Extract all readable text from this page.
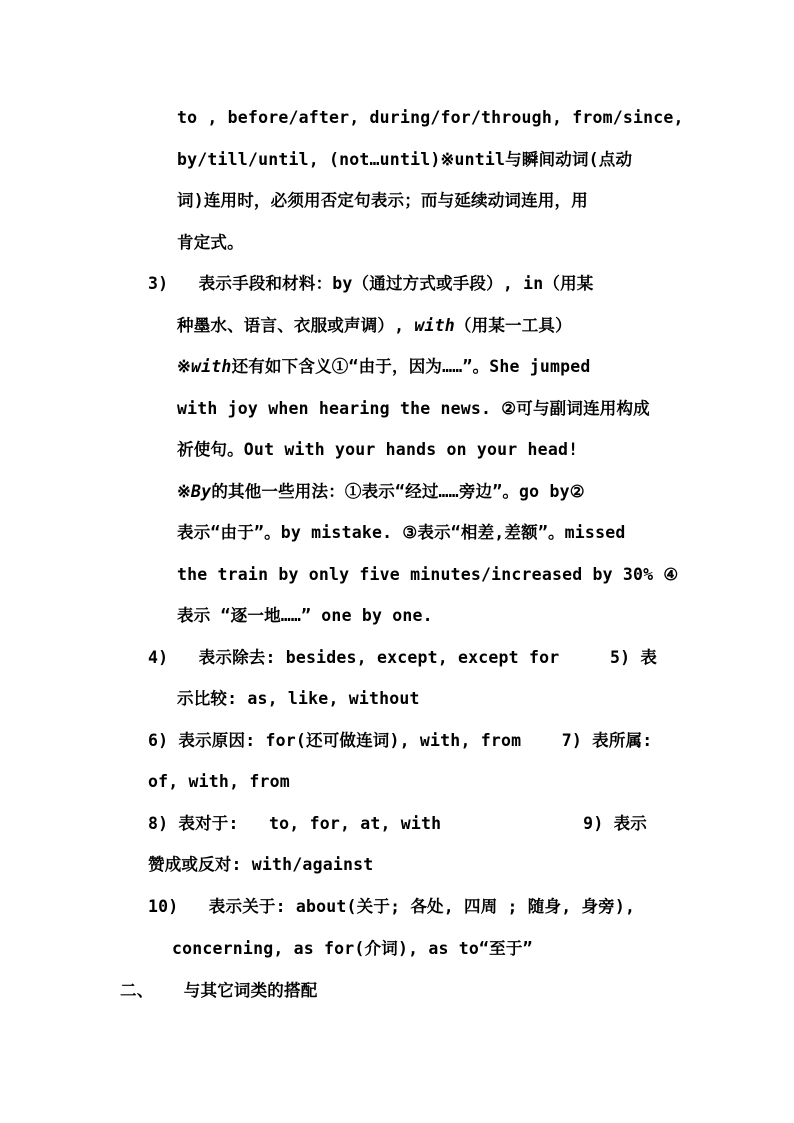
to , before/after, during/for/through, from/since,
by/till/until, (not…until)※until与瞬间动词(点动
词)连用时，必须用否定句表示；而与延续动词连用，用
肯定式。
3)   表示手段和材料：by（通过方式或手段）, in（用某
种墨水、语言、衣服或声调）, with（用某一工具）
※with还有如下含义①“由于，因为……”。She jumped
with joy when hearing the news. ②可与副词连用构成
祈使句。Out with your hands on your head!
※By的其他一些用法：①表示“经过……旁边”。go by②
表示“由于”。by mistake. ③表示“相差,差额”。missed
the train by only five minutes/increased by 30% ④
表示 “逐一地……” one by one.
4)   表示除去: besides, except, except for     5) 表
示比较: as, like, without
6) 表示原因: for(还可做连词), with, from    7) 表所属:
of, with, from
8) 表对于:   to, for, at, with              9) 表示
赞成或反对: with/against
10)   表示关于: about(关于; 各处, 四周 ; 随身, 身旁),
concerning, as for(介词), as to“至于”
二、   与其它词类的搭配
